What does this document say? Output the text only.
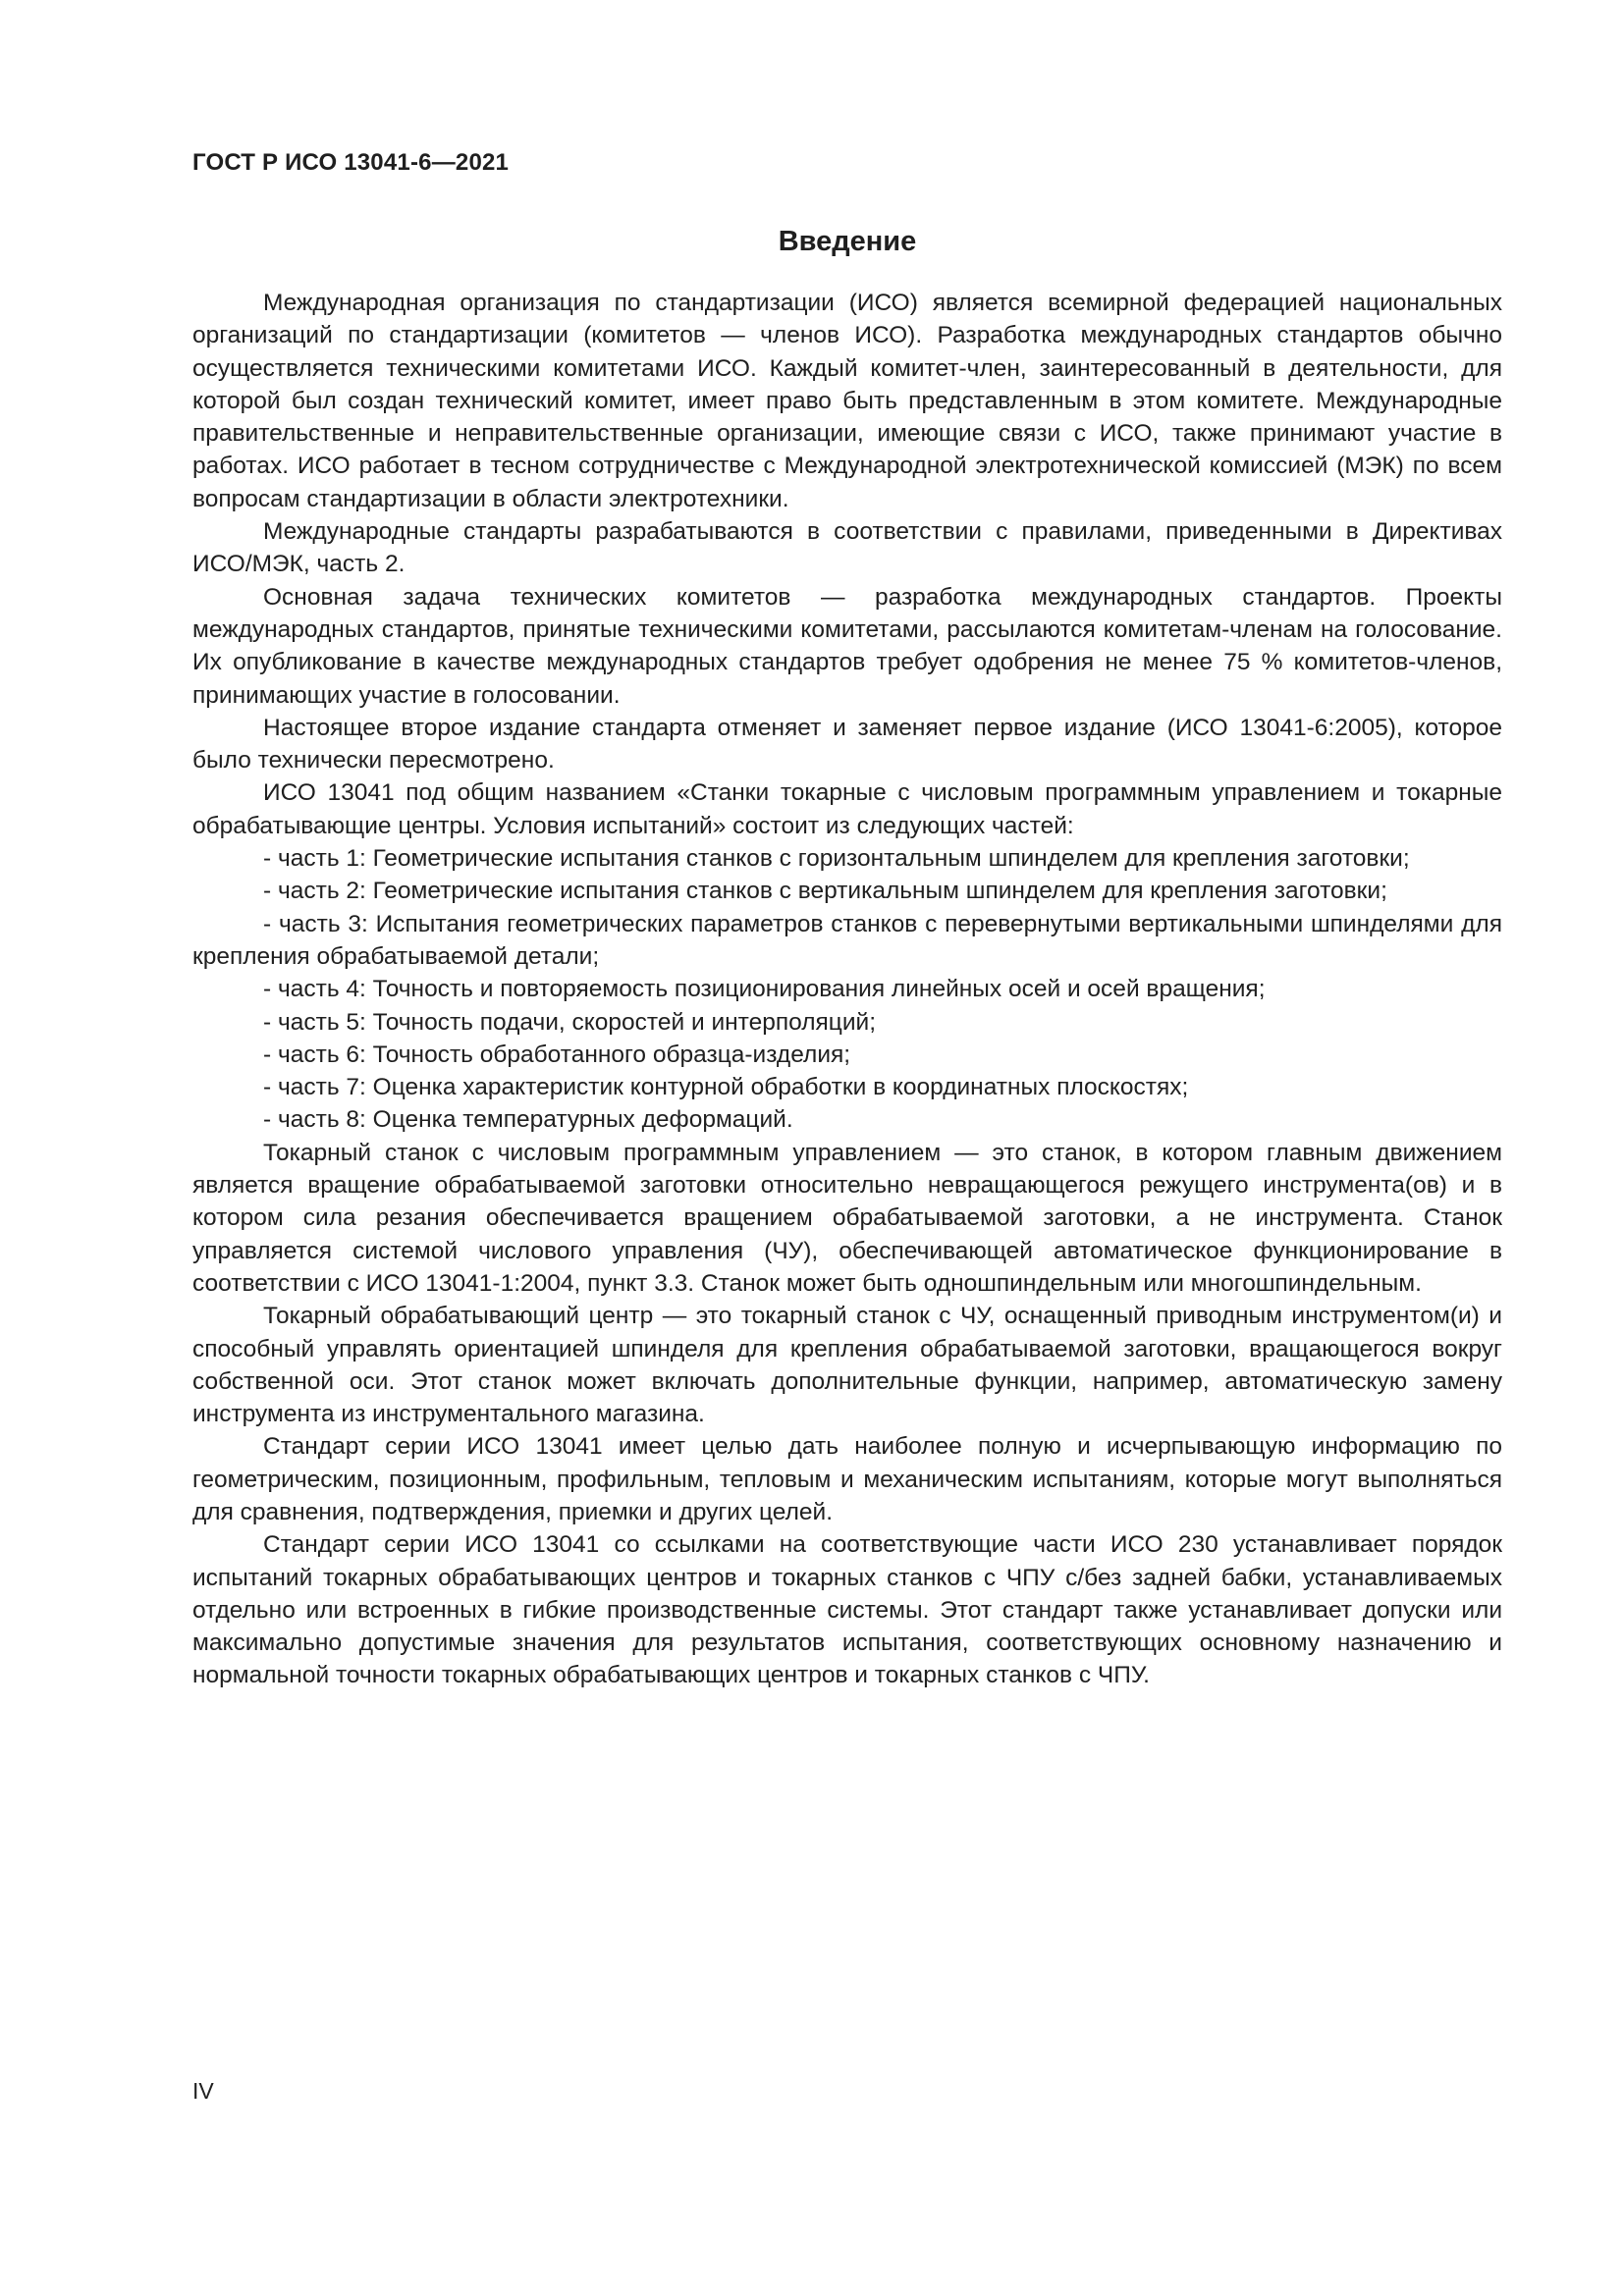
ГОСТ Р ИСО 13041-6—2021
Введение

Международная организация по стандартизации (ИСО) является всемирной федерацией национальных организаций по стандартизации (комитетов — членов ИСО). Разработка международных стандартов обычно осуществляется техническими комитетами ИСО. Каждый комитет-член, заинтересованный в деятельности, для которой был создан технический комитет, имеет право быть представленным в этом комитете. Международные правительственные и неправительственные организации, имеющие связи с ИСО, также принимают участие в работах. ИСО работает в тесном сотрудничестве с Международной электротехнической комиссией (МЭК) по всем вопросам стандартизации в области электротехники.

Международные стандарты разрабатываются в соответствии с правилами, приведенными в Директивах ИСО/МЭК, часть 2.

Основная задача технических комитетов — разработка международных стандартов. Проекты международных стандартов, принятые техническими комитетами, рассылаются комитетам-членам на голосование. Их опубликование в качестве международных стандартов требует одобрения не менее 75 % комитетов-членов, принимающих участие в голосовании.

Настоящее второе издание стандарта отменяет и заменяет первое издание (ИСО 13041-6:2005), которое было технически пересмотрено.

ИСО 13041 под общим названием «Станки токарные с числовым программным управлением и токарные обрабатывающие центры. Условия испытаний» состоит из следующих частей:

- часть 1: Геометрические испытания станков с горизонтальным шпинделем для крепления заготовки;

- часть 2: Геометрические испытания станков с вертикальным шпинделем для крепления заготовки;

- часть 3: Испытания геометрических параметров станков с перевернутыми вертикальными шпинделями для крепления обрабатываемой детали;

- часть 4: Точность и повторяемость позиционирования линейных осей и осей вращения;

- часть 5: Точность подачи, скоростей и интерполяций;

- часть 6: Точность обработанного образца-изделия;

- часть 7: Оценка характеристик контурной обработки в координатных плоскостях;

- часть 8: Оценка температурных деформаций.

Токарный станок с числовым программным управлением — это станок, в котором главным движением является вращение обрабатываемой заготовки относительно невращающегося режущего инструмента(ов) и в котором сила резания обеспечивается вращением обрабатываемой заготовки, а не инструмента. Станок управляется системой числового управления (ЧУ), обеспечивающей автоматическое функционирование в соответствии с ИСО 13041-1:2004, пункт 3.3. Станок может быть одношпиндельным или многошпиндельным.

Токарный обрабатывающий центр — это токарный станок с ЧУ, оснащенный приводным инструментом(и) и способный управлять ориентацией шпинделя для крепления обрабатываемой заготовки, вращающегося вокруг собственной оси. Этот станок может включать дополнительные функции, например, автоматическую замену инструмента из инструментального магазина.

Стандарт серии ИСО 13041 имеет целью дать наиболее полную и исчерпывающую информацию по геометрическим, позиционным, профильным, тепловым и механическим испытаниям, которые могут выполняться для сравнения, подтверждения, приемки и других целей.

Стандарт серии ИСО 13041 со ссылками на соответствующие части ИСО 230 устанавливает порядок испытаний токарных обрабатывающих центров и токарных станков с ЧПУ с/без задней бабки, устанавливаемых отдельно или встроенных в гибкие производственные системы. Этот стандарт также устанавливает допуски или максимально допустимые значения для результатов испытания, соответствующих основному назначению и нормальной точности токарных обрабатывающих центров и токарных станков с ЧПУ.

IV
